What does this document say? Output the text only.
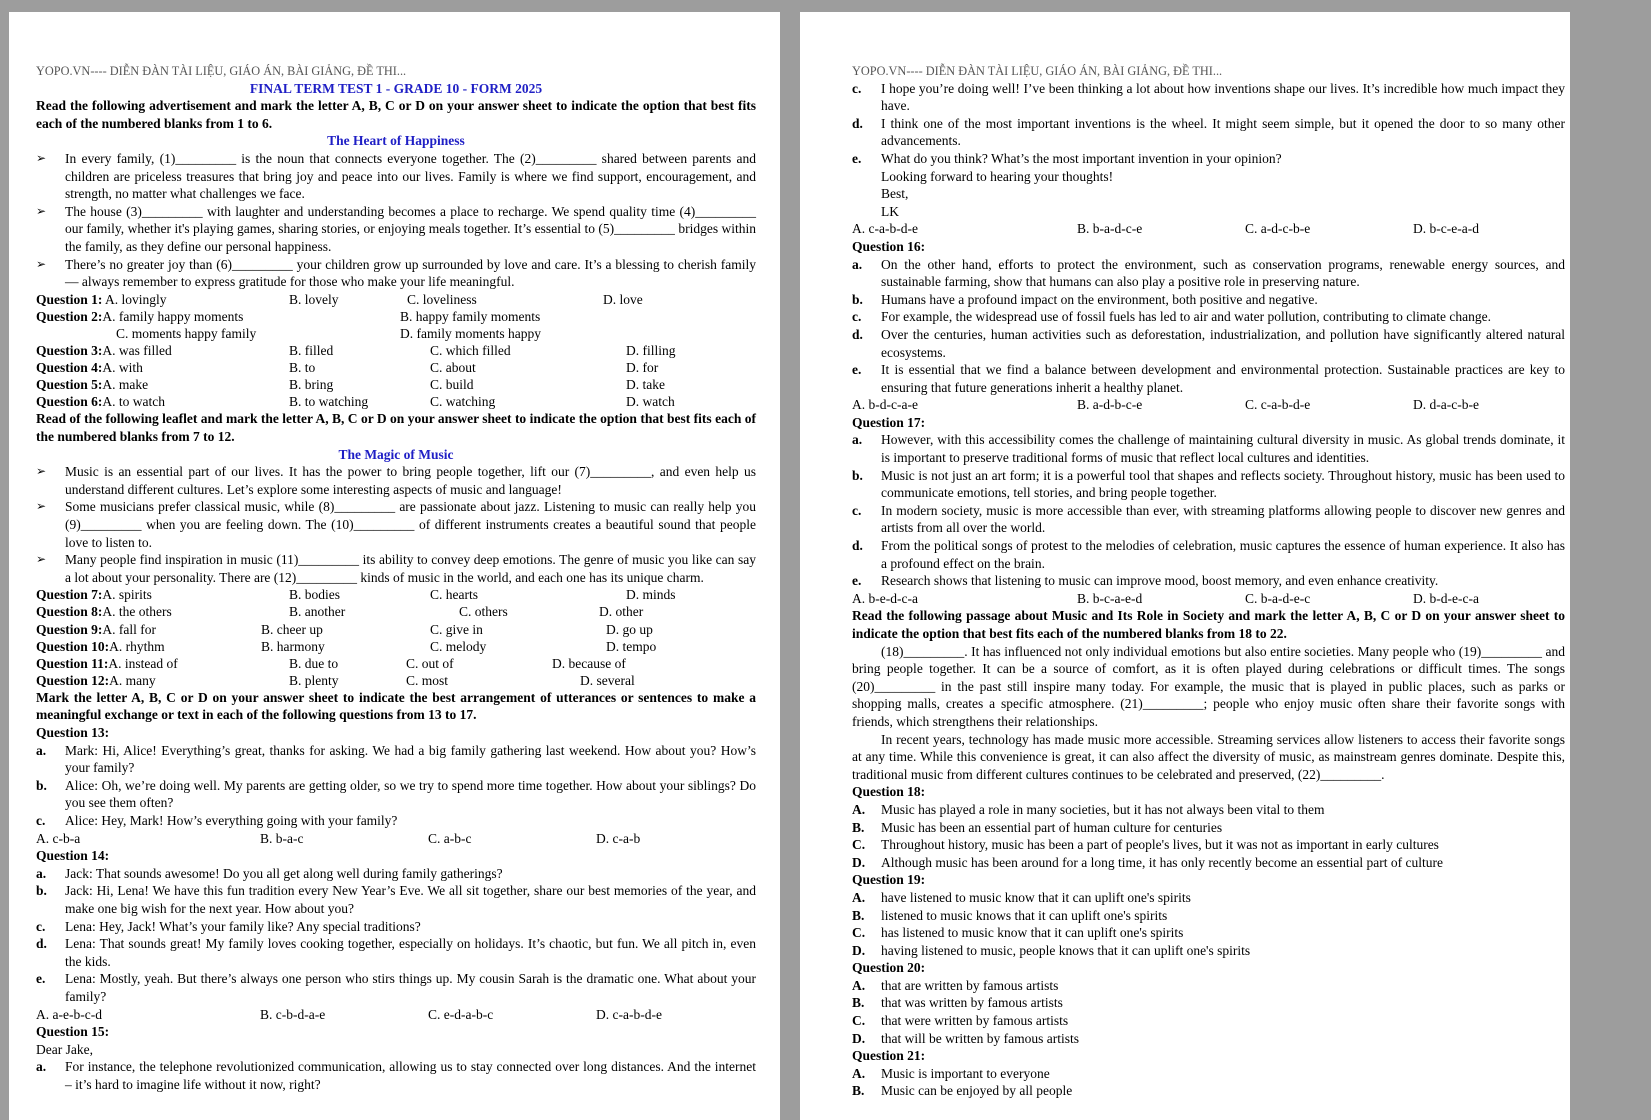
YOPO.VN---- DIỄN ĐÀN TÀI LIỆU, GIÁO ÁN, BÀI GIẢNG, ĐỀ THI...
FINAL TERM TEST 1 - GRADE 10 - FORM 2025
Read the following advertisement and mark the letter A, B, C or D on your answer sheet to indicate the option that best fits each of the numbered blanks from 1 to 6.
The Heart of Happiness
➢ In every family, (1)_________ is the noun that connects everyone together. The (2)_________ shared between parents and children are priceless treasures that bring joy and peace into our lives. Family is where we find support, encouragement, and strength, no matter what challenges we face.
➢ The house (3)_________ with laughter and understanding becomes a place to recharge. We spend quality time (4)_________ our family, whether it's playing games, sharing stories, or enjoying meals together. It’s essential to (5)_________ bridges within the family, as they define our personal happiness.
➢ There’s no greater joy than (6)_________ your children grow up surrounded by love and care. It’s a blessing to cherish family — always remember to express gratitude for those who make your life meaningful.
Question 1: A. lovingly	B. lovely	C. loveliness	D. love
Question 2:A. family happy moments	B. happy family moments
C. moments happy family	D. family moments happy
Question 3:A. was filled	B. filled	C. which filled	D. filling
Question 4:A. with	B. to	C. about	D. for
Question 5:A. make	B. bring	C. build	D. take
Question 6:A. to watch	B. to watching	C. watching	D. watch
Read of the following leaflet and mark the letter A, B, C or D on your answer sheet to indicate the option that best fits each of the numbered blanks from 7 to 12.
The Magic of Music
➢ Music is an essential part of our lives. It has the power to bring people together, lift our (7)_________, and even help us understand different cultures. Let’s explore some interesting aspects of music and language!
➢ Some musicians prefer classical music, while (8)_________ are passionate about jazz. Listening to music can really help you (9)_________ when you are feeling down. The (10)_________ of different instruments creates a beautiful sound that people love to listen to.
➢ Many people find inspiration in music (11)_________ its ability to convey deep emotions. The genre of music you like can say a lot about your personality. There are (12)_________ kinds of music in the world, and each one has its unique charm.
Question 7:A. spirits	B. bodies	C. hearts	D. minds
Question 8:A. the others	B. another	C. others	D. other
Question 9:A. fall for	B. cheer up	C. give in	D. go up
Question 10:A. rhythm	B. harmony	C. melody	D. tempo
Question 11:A. instead of	B. due to	C. out of	D. because of
Question 12:A. many	B. plenty	C. most	D. several
Mark the letter A, B, C or D on your answer sheet to indicate the best arrangement of utterances or sentences to make a meaningful exchange or text in each of the following questions from 13 to 17.
Question 13:
a. Mark: Hi, Alice! Everything’s great, thanks for asking. We had a big family gathering last weekend. How about you? How’s your family?
b. Alice: Oh, we’re doing well. My parents are getting older, so we try to spend more time together. How about your siblings? Do you see them often?
c. Alice: Hey, Mark! How’s everything going with your family?
A. c-b-a	B. b-a-c	C. a-b-c	D. c-a-b
Question 14:
a. Jack: That sounds awesome! Do you all get along well during family gatherings?
b. Jack: Hi, Lena! We have this fun tradition every New Year’s Eve. We all sit together, share our best memories of the year, and make one big wish for the next year. How about you?
c. Lena: Hey, Jack! What’s your family like? Any special traditions?
d. Lena: That sounds great! My family loves cooking together, especially on holidays. It’s chaotic, but fun. We all pitch in, even the kids.
e. Lena: Mostly, yeah. But there’s always one person who stirs things up. My cousin Sarah is the dramatic one. What about your family?
A. a-e-b-c-d	B. c-b-d-a-e	C. e-d-a-b-c	D. c-a-b-d-e
Question 15:
Dear Jake,
a. For instance, the telephone revolutionized communication, allowing us to stay connected over long distances. And the internet – it’s hard to imagine life without it now, right?
YOPO.VN---- DIỄN ĐÀN TÀI LIỆU, GIÁO ÁN, BÀI GIẢNG, ĐỀ THI...
c. I hope you’re doing well! I’ve been thinking a lot about how inventions shape our lives. It’s incredible how much impact they have.
d. I think one of the most important inventions is the wheel. It might seem simple, but it opened the door to so many other advancements.
e. What do you think? What’s the most important invention in your opinion?
Looking forward to hearing your thoughts!
Best,
LK
A. c-a-b-d-e	B. b-a-d-c-e	C. a-d-c-b-e	D. b-c-e-a-d
Question 16:
a. On the other hand, efforts to protect the environment, such as conservation programs, renewable energy sources, and sustainable farming, show that humans can also play a positive role in preserving nature.
b. Humans have a profound impact on the environment, both positive and negative.
c. For example, the widespread use of fossil fuels has led to air and water pollution, contributing to climate change.
d. Over the centuries, human activities such as deforestation, industrialization, and pollution have significantly altered natural ecosystems.
e. It is essential that we find a balance between development and environmental protection. Sustainable practices are key to ensuring that future generations inherit a healthy planet.
A. b-d-c-a-e	B. a-d-b-c-e	C. c-a-b-d-e	D. d-a-c-b-e
Question 17:
a. However, with this accessibility comes the challenge of maintaining cultural diversity in music. As global trends dominate, it is important to preserve traditional forms of music that reflect local cultures and identities.
b. Music is not just an art form; it is a powerful tool that shapes and reflects society. Throughout history, music has been used to communicate emotions, tell stories, and bring people together.
c. In modern society, music is more accessible than ever, with streaming platforms allowing people to discover new genres and artists from all over the world.
d. From the political songs of protest to the melodies of celebration, music captures the essence of human experience. It also has a profound effect on the brain.
e. Research shows that listening to music can improve mood, boost memory, and even enhance creativity.
A. b-e-d-c-a	B. b-c-a-e-d	C. b-a-d-e-c	D. b-d-e-c-a
Read the following passage about Music and Its Role in Society and mark the letter A, B, C or D on your answer sheet to indicate the option that best fits each of the numbered blanks from 18 to 22.
(18)_________. It has influenced not only individual emotions but also entire societies. Many people who (19)_________ and bring people together. It can be a source of comfort, as it is often played during celebrations or difficult times. The songs (20)_________ in the past still inspire many today. For example, the music that is played in public places, such as parks or shopping malls, creates a specific atmosphere. (21)_________; people who enjoy music often share their favorite songs with friends, which strengthens their relationships.
In recent years, technology has made music more accessible. Streaming services allow listeners to access their favorite songs at any time. While this convenience is great, it can also affect the diversity of music, as mainstream genres dominate. Despite this, traditional music from different cultures continues to be celebrated and preserved, (22)_________.
Question 18:
A. Music has played a role in many societies, but it has not always been vital to them
B. Music has been an essential part of human culture for centuries
C. Throughout history, music has been a part of people's lives, but it was not as important in early cultures
D. Although music has been around for a long time, it has only recently become an essential part of culture
Question 19:
A. have listened to music know that it can uplift one's spirits
B. listened to music knows that it can uplift one's spirits
C. has listened to music know that it can uplift one's spirits
D. having listened to music, people knows that it can uplift one's spirits
Question 20:
A. that are written by famous artists
B. that was written by famous artists
C. that were written by famous artists
D. that will be written by famous artists
Question 21:
A. Music is important to everyone
B. Music can be enjoyed by all people
